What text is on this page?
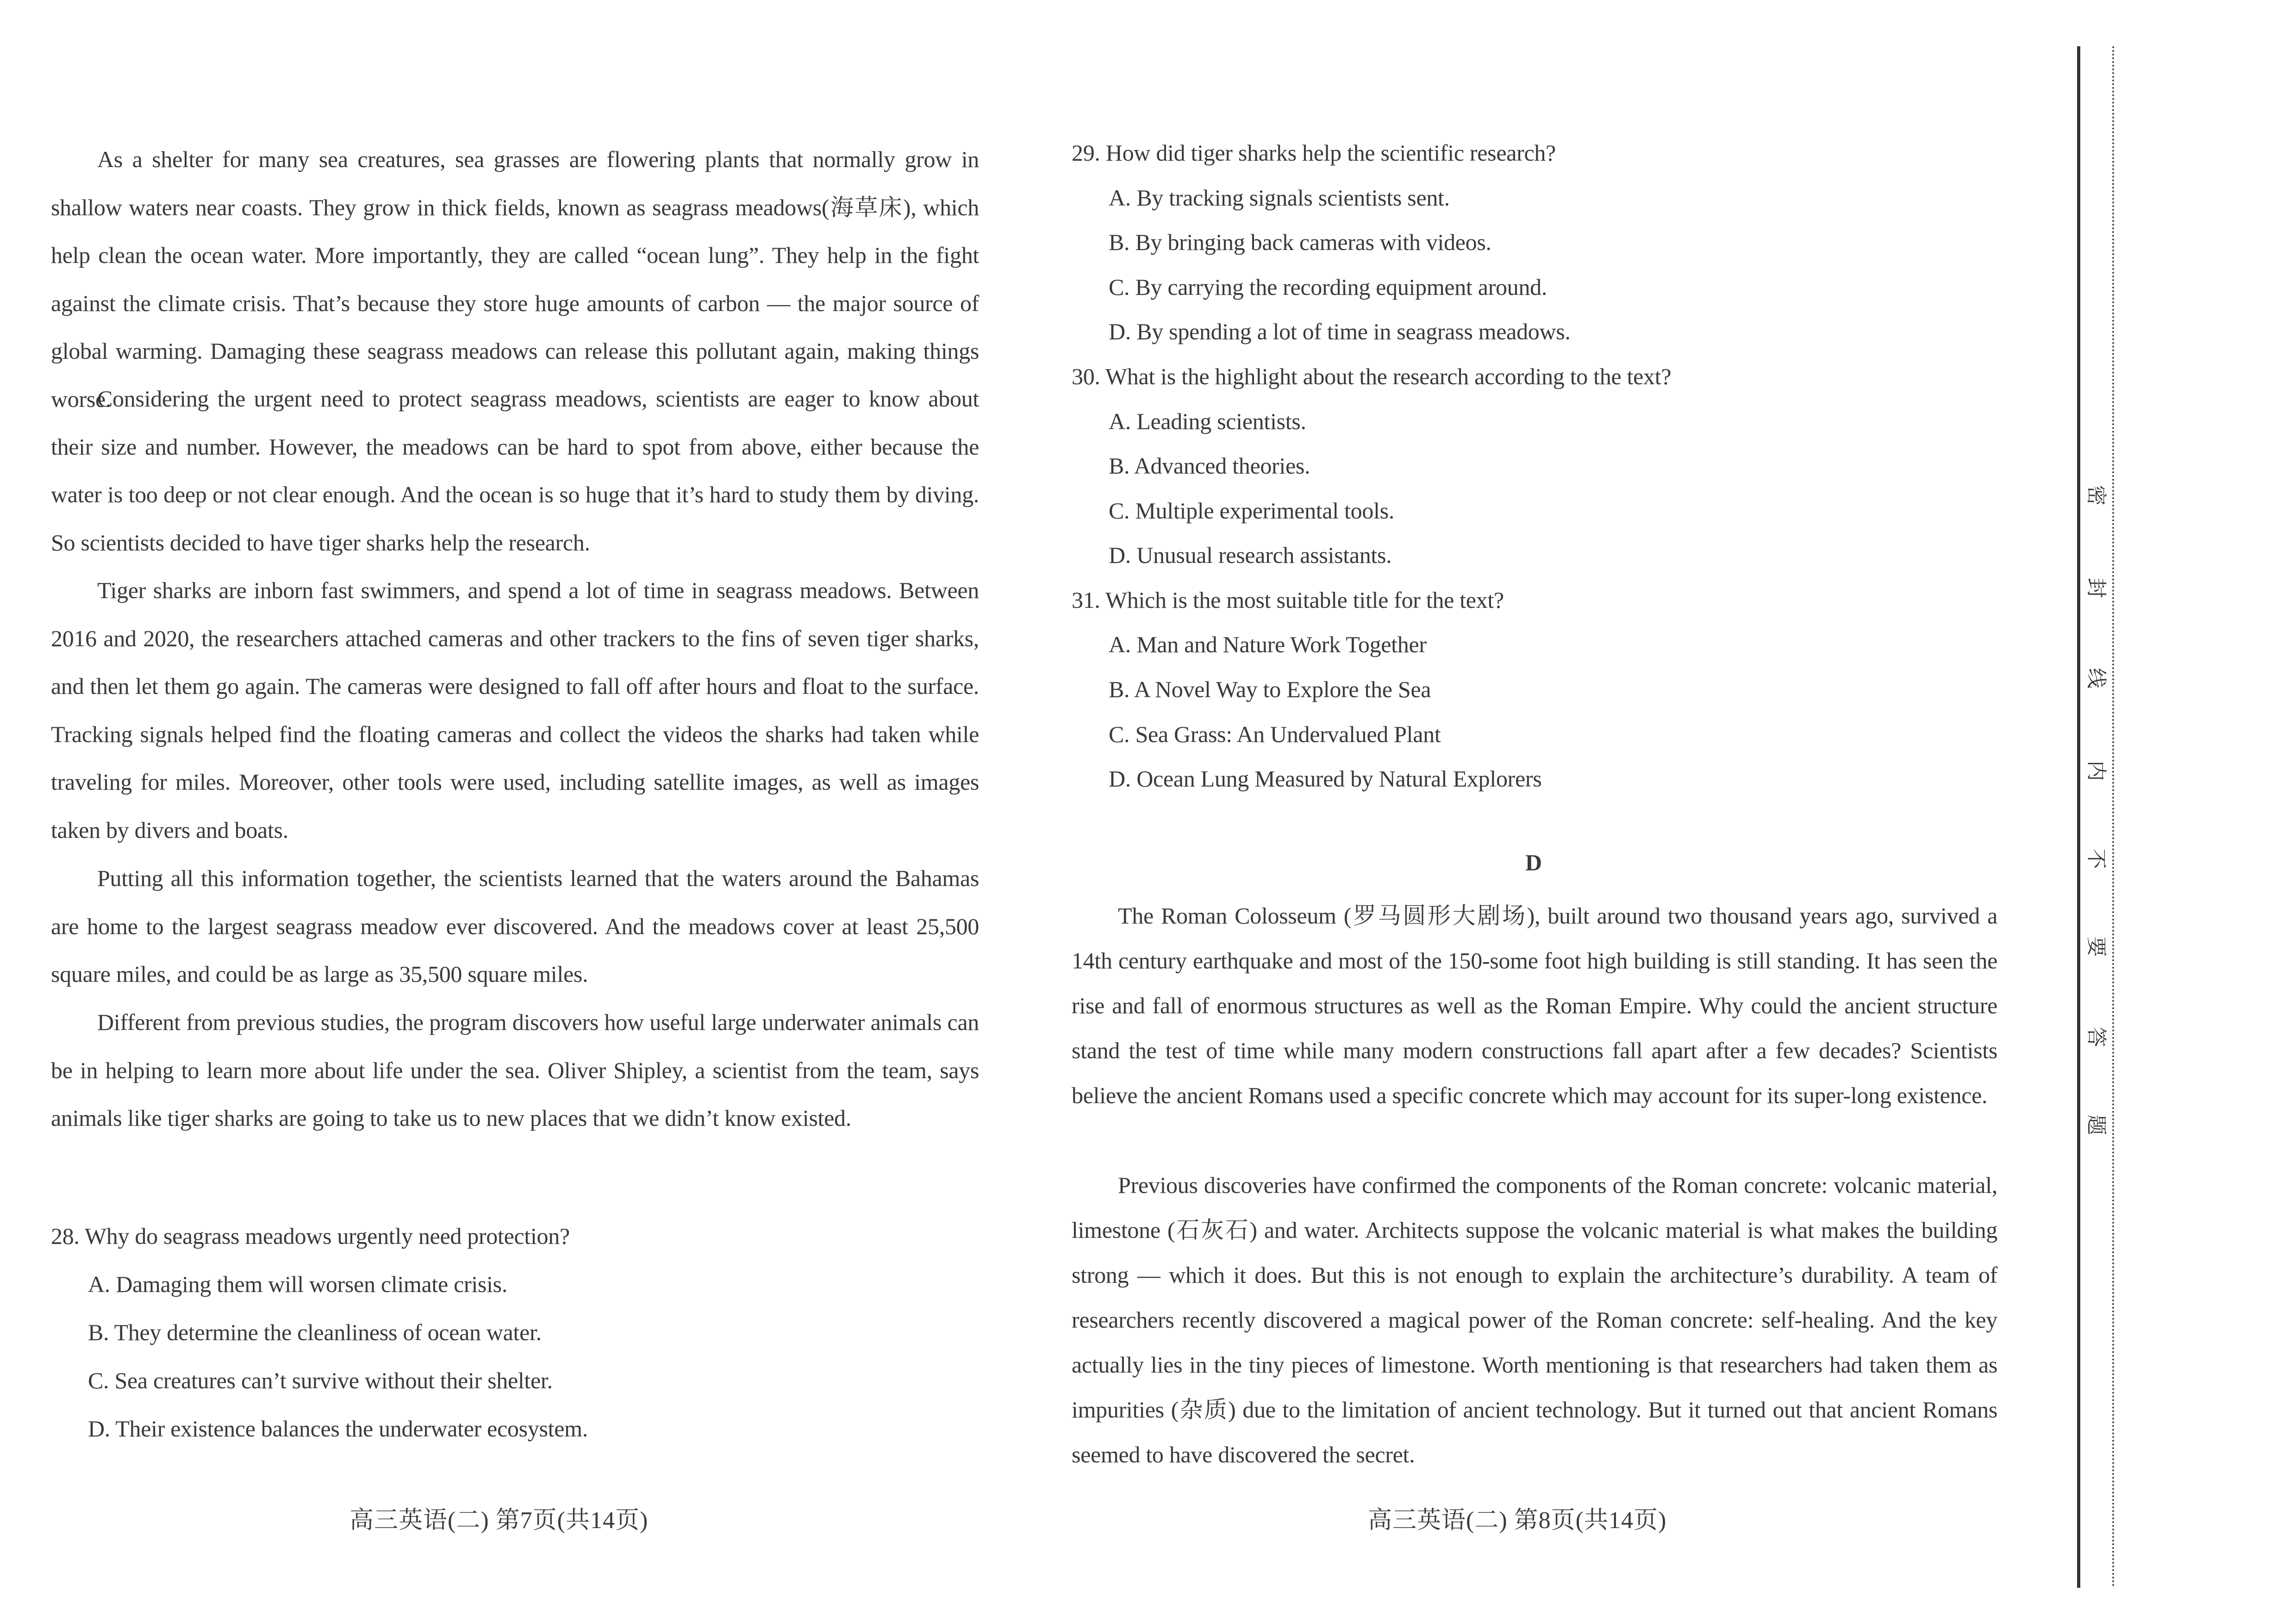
As a shelter for many sea creatures, sea grasses are flowering plants that normally grow in shallow waters near coasts. They grow in thick fields, known as seagrass meadows(海草床), which help clean the ocean water. More importantly, they are called “ocean lung”. They help in the fight against the climate crisis. That’s because they store huge amounts of carbon — the major source of global warming. Damaging these seagrass meadows can release this pollutant again, making things worse.

Considering the urgent need to protect seagrass meadows, scientists are eager to know about their size and number. However, the meadows can be hard to spot from above, either because the water is too deep or not clear enough. And the ocean is so huge that it’s hard to study them by diving. So scientists decided to have tiger sharks help the research.

Tiger sharks are inborn fast swimmers, and spend a lot of time in seagrass meadows. Between 2016 and 2020, the researchers attached cameras and other trackers to the fins of seven tiger sharks, and then let them go again. The cameras were designed to fall off after hours and float to the surface. Tracking signals helped find the floating cameras and collect the videos the sharks had taken while traveling for miles. Moreover, other tools were used, including satellite images, as well as images taken by divers and boats.

Putting all this information together, the scientists learned that the waters around the Bahamas are home to the largest seagrass meadow ever discovered. And the meadows cover at least 25,500 square miles, and could be as large as 35,500 square miles.

Different from previous studies, the program discovers how useful large underwater animals can be in helping to learn more about life under the sea. Oliver Shipley, a scientist from the team, says animals like tiger sharks are going to take us to new places that we didn’t know existed.

28. Why do seagrass meadows urgently need protection?
A. Damaging them will worsen climate crisis.
B. They determine the cleanliness of ocean water.
C. Sea creatures can’t survive without their shelter.
D. Their existence balances the underwater ecosystem.
高三英语(二) 第7页(共14页)
29. How did tiger sharks help the scientific research?
A. By tracking signals scientists sent.
B. By bringing back cameras with videos.
C. By carrying the recording equipment around.
D. By spending a lot of time in seagrass meadows.
30. What is the highlight about the research according to the text?
A. Leading scientists.
B. Advanced theories.
C. Multiple experimental tools.
D. Unusual research assistants.
31. Which is the most suitable title for the text?
A. Man and Nature Work Together
B. A Novel Way to Explore the Sea
C. Sea Grass: An Undervalued Plant
D. Ocean Lung Measured by Natural Explorers
D

The Roman Colosseum (罗马圆形大剧场), built around two thousand years ago, survived a 14th century earthquake and most of the 150-some foot high building is still standing. It has seen the rise and fall of enormous structures as well as the Roman Empire. Why could the ancient structure stand the test of time while many modern constructions fall apart after a few decades? Scientists believe the ancient Romans used a specific concrete which may account for its super-long existence.

Previous discoveries have confirmed the components of the Roman concrete: volcanic material, limestone (石灰石) and water. Architects suppose the volcanic material is what makes the building strong — which it does. But this is not enough to explain the architecture’s durability. A team of researchers recently discovered a magical power of the Roman concrete: self-healing. And the key actually lies in the tiny pieces of limestone. Worth mentioning is that researchers had taken them as impurities (杂质) due to the limitation of ancient technology. But it turned out that ancient Romans seemed to have discovered the secret.

高三英语(二) 第8页(共14页)
密
封
线
内
不
要
答
题
